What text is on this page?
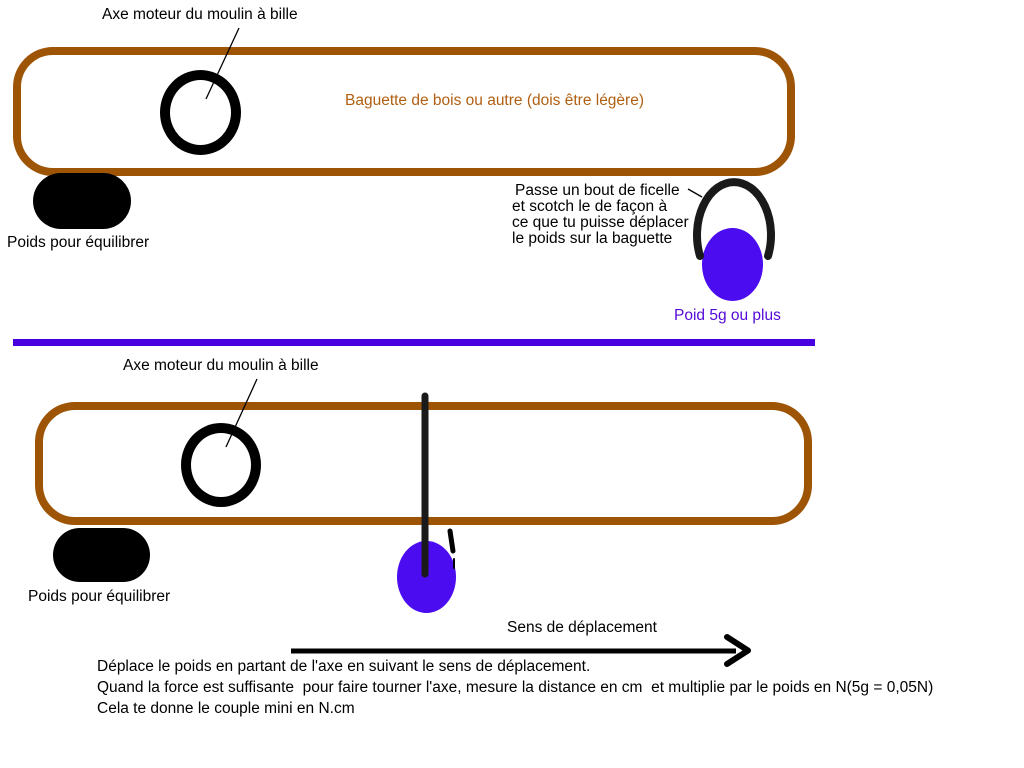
Axe moteur du moulin à bille
Baguette de bois ou autre (dois être légère)
Poids pour équilibrer
Passe un bout de ficelle
et scotch le de façon à
ce que tu puisse déplacer
le poids sur la baguette
Poid 5g ou plus
Axe moteur du moulin à bille
Poids pour équilibrer
Sens de déplacement
Déplace le poids en partant de l'axe en suivant le sens de déplacement.
Quand la force est suffisante  pour faire tourner l'axe, mesure la distance en cm  et multiplie par le poids en N(5g = 0,05N)
Cela te donne le couple mini en N.cm
